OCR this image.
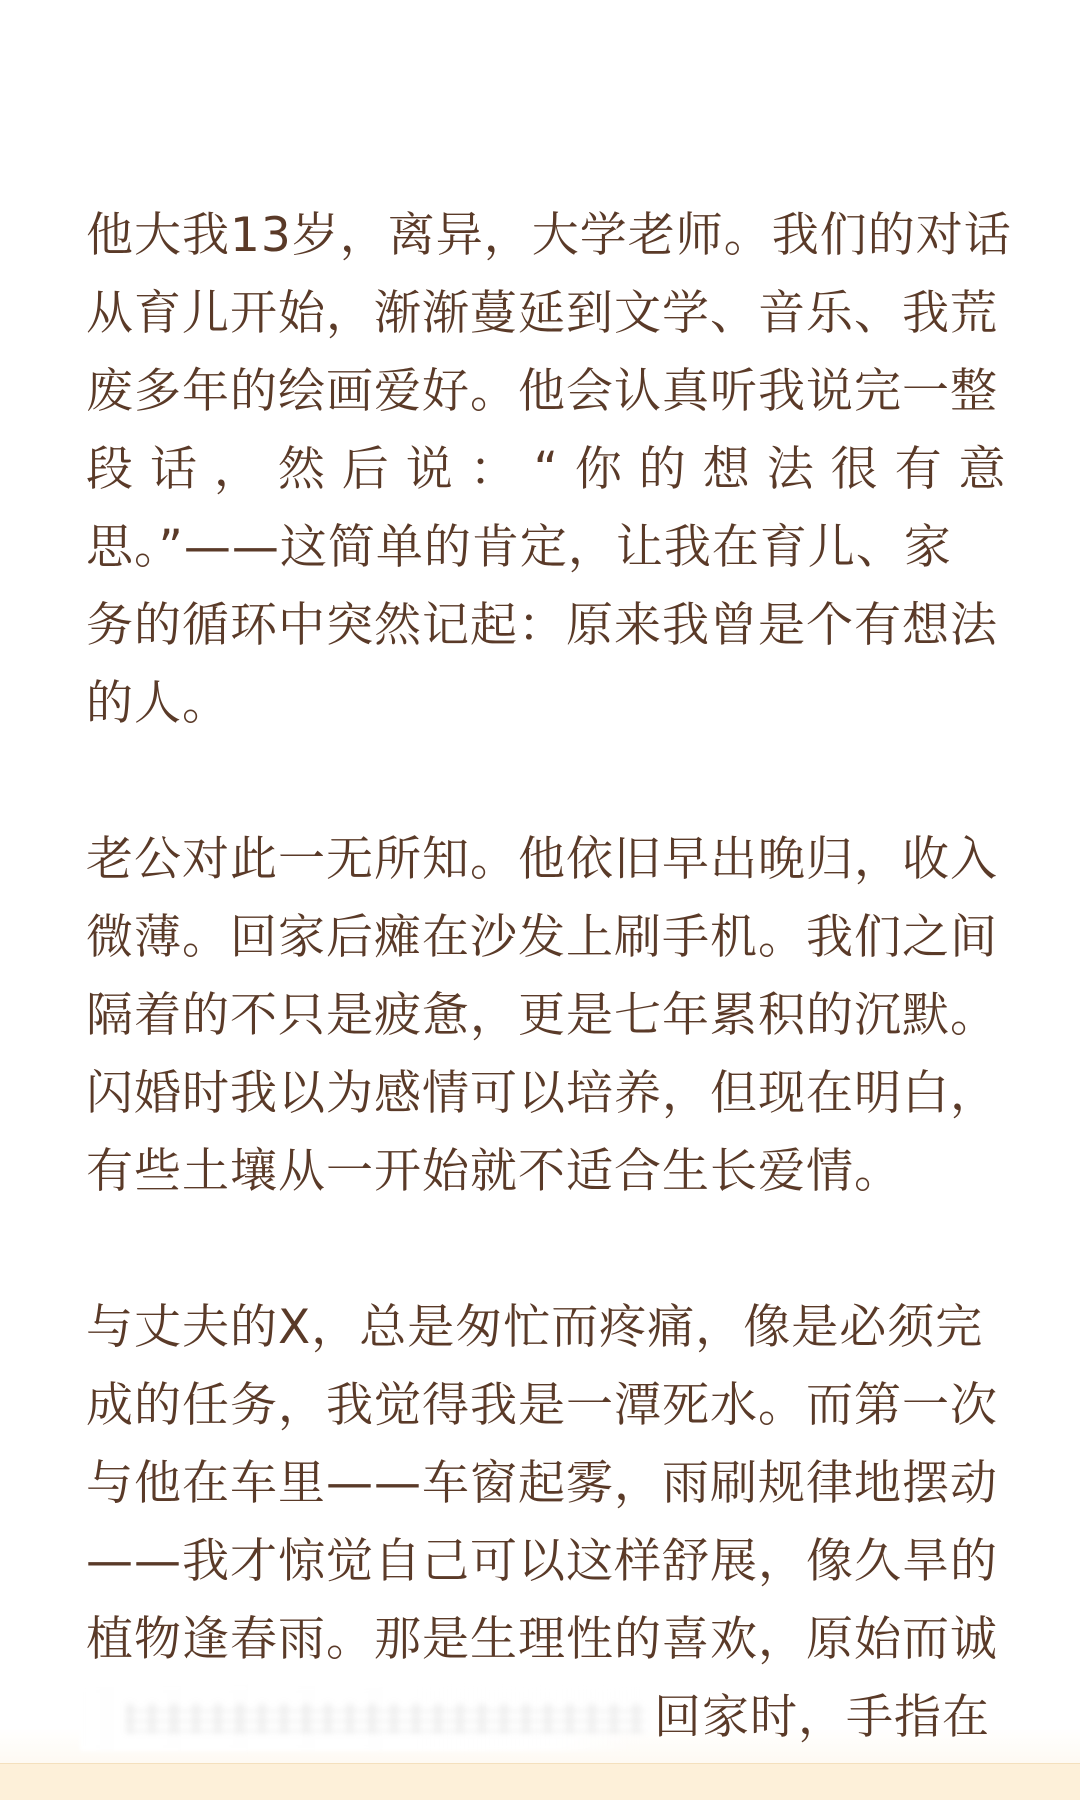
他大我13岁，离异，大学老师。我们的对话
从育儿开始，渐渐蔓延到文学、音乐、我荒
废多年的绘画爱好。他会认真听我说完一整
段 话 ， 然 后 说 ： “ 你 的 想 法 很 有 意
思。”——这简单的肯定，让我在育儿、家
务的循环中突然记起：原来我曾是个有想法
的人。

老公对此一无所知。他依旧早出晚归，收入
微薄。回家后瘫在沙发上刷手机。我们之间
隔着的不只是疲惫，更是七年累积的沉默。
闪婚时我以为感情可以培养，但现在明白，
有些土壤从一开始就不适合生长爱情。

与丈夫的X，总是匆忙而疼痛，像是必须完
成的任务，我觉得我是一潭死水。而第一次
与他在车里——车窗起雾，雨刷规律地摆动
——我才惊觉自己可以这样舒展，像久旱的
植物逢春雨。那是生理性的喜欢，原始而诚
回家时，手指在
